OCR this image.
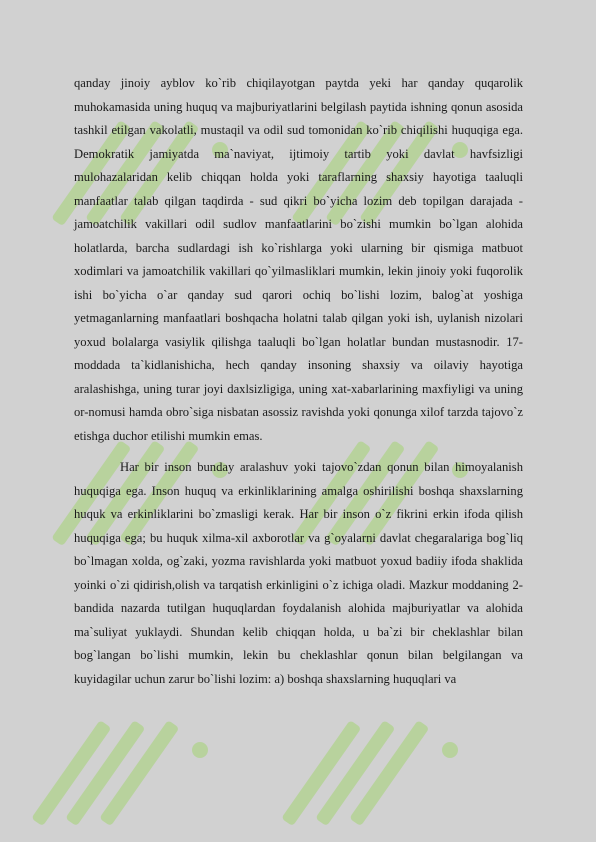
qanday jinoiy ayblov ko`rib chiqilayotgan paytda yeki har qanday quqarolik muhokamasida uning huquq va majburiyatlarini belgilash paytida ishning qonun asosida tashkil etilgan vakolatli, mustaqil va odil sud tomonidan ko`rib chiqilishi huquqiga ega. Demokratik jamiyatda ma`naviyat, ijtimoiy tartib yoki davlat havfsizligi mulohazalaridan kelib chiqqan holda yoki taraflarning shaxsiy hayotiga taaluqli manfaatlar talab qilgan taqdirda - sud qikri bo`yicha lozim deb topilgan darajada - jamoatchilik vakillari odil sudlov manfaatlarini bo`zishi mumkin bo`lgan alohida holatlarda, barcha sudlardagi ish ko`rishlarga yoki ularning bir qismiga matbuot xodimlari va jamoatchilik vakillari qo`yilmasliklari mumkin, lekin jinoiy yoki fuqorolik ishi bo`yicha o`ar qanday sud qarori ochiq bo`lishi lozim, balog`at yoshiga yetmaganlarning manfaatlari boshqacha holatni talab qilgan yoki ish, uylanish nizolari yoxud bolalarga vasiylik qilishga taaluqli bo`lgan holatlar bundan mustasnodir. 17- moddada ta`kidlanishicha, hech qanday insoning shaxsiy va oilaviy hayotiga aralashishga, uning turar joyi daxlsizligiga, uning xat-xabarlarining maxfiyligi va uning or-nomusi hamda obro`siga nisbatan asossiz ravishda yoki qonunga xilof tarzda tajovo`z etishga duchor etilishi mumkin emas.

Har bir inson bunday aralashuv yoki tajovo`zdan qonun bilan himoyalanish huquqiga ega. Inson huquq va erkinliklarining amalga oshirilishi boshqa shaxslarning huquk va erkinliklarini bo`zmasligi kerak. Har bir inson o`z fikrini erkin ifoda qilish huquqiga ega; bu huquk xilma-xil axborotlar va g`oyalarni davlat chegaralariga bog`liq bo`lmagan xolda, og`zaki, yozma ravishlarda yoki matbuot yoxud badiiy ifoda shaklida yoinki o`zi qidirish,olish va tarqatish erkinligini o`z ichiga oladi. Mazkur moddaning 2-bandida nazarda tutilgan huquqlardan foydalanish alohida majburiyatlar va alohida ma`suliyat yuklaydi. Shundan kelib chiqqan holda, u ba`zi bir cheklashlar bilan bog`langan bo`lishi mumkin, lekin bu cheklashlar qonun bilan belgilangan va kuyidagilar uchun zarur bo`lishi lozim: a) boshqa shaxslarning huquqlari va
